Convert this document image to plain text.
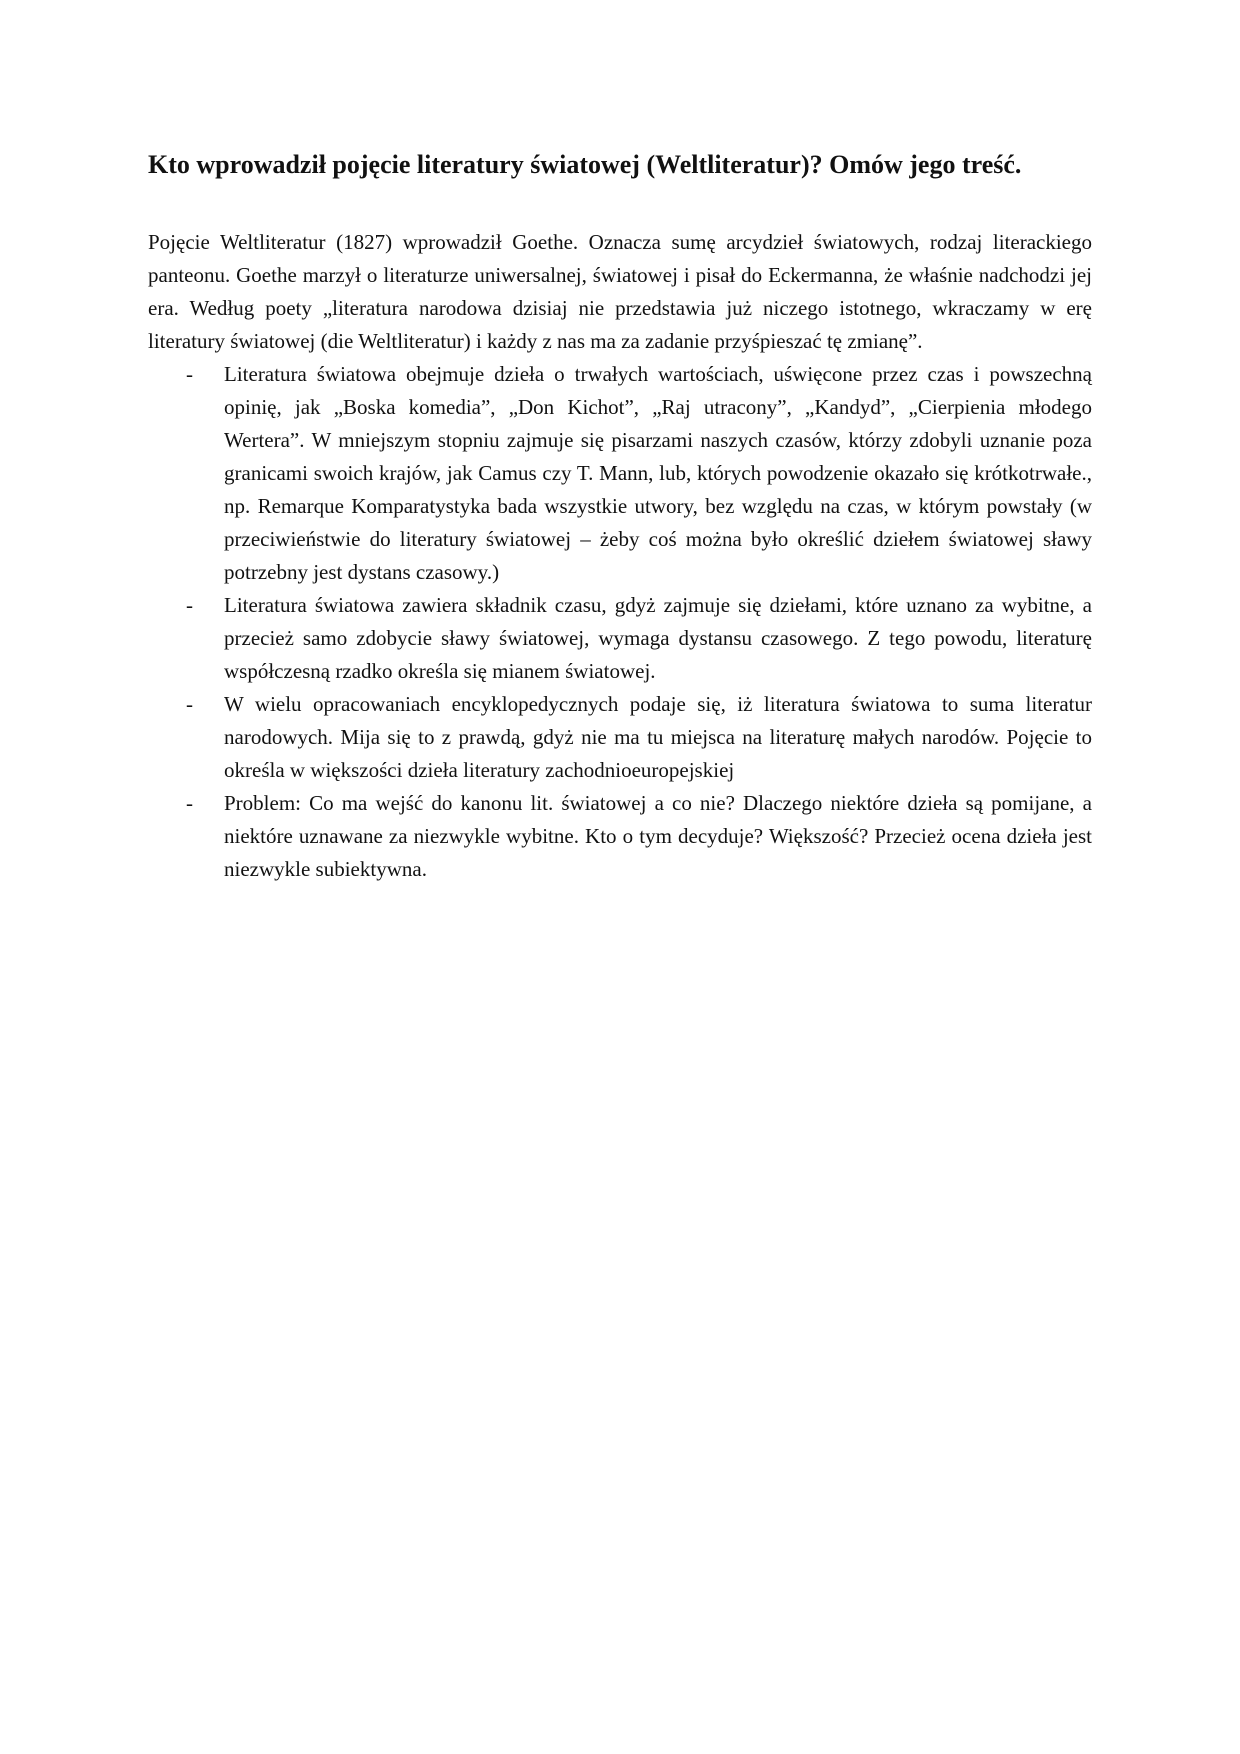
Kto wprowadził pojęcie literatury światowej (Weltliteratur)? Omów jego treść.

Pojęcie Weltliteratur (1827) wprowadził Goethe. Oznacza sumę arcydzieł światowych, rodzaj literackiego panteonu. Goethe marzył o literaturze uniwersalnej, światowej i pisał do Eckermanna, że właśnie nadchodzi jej era. Według poety „literatura narodowa dzisiaj nie przedstawia już niczego istotnego, wkraczamy w erę literatury światowej (die Weltliteratur) i każdy z nas ma za zadanie przyśpieszać tę zmianę”.

- Literatura światowa obejmuje dzieła o trwałych wartościach, uświęcone przez czas i powszechną opinię, jak „Boska komedia”, „Don Kichot”, „Raj utracony”, „Kandyd”, „Cierpienia młodego Wertera”. W mniejszym stopniu zajmuje się pisarzami naszych czasów, którzy zdobyli uznanie poza granicami swoich krajów, jak Camus czy T. Mann, lub, których powodzenie okazało się krótkotrwałe., np. Remarque Komparatystyka bada wszystkie utwory, bez względu na czas, w którym powstały (w przeciwieństwie do literatury światowej – żeby coś można było określić dziełem światowej sławy potrzebny jest dystans czasowy.)
- Literatura światowa zawiera składnik czasu, gdyż zajmuje się dziełami, które uznano za wybitne, a przecież samo zdobycie sławy światowej, wymaga dystansu czasowego. Z tego powodu, literaturę współczesną rzadko określa się mianem światowej.
- W wielu opracowaniach encyklopedycznych podaje się, iż literatura światowa to suma literatur narodowych. Mija się to z prawdą, gdyż nie ma tu miejsca na literaturę małych narodów. Pojęcie to określa w większości dzieła literatury zachodnioeuropejskiej
- Problem: Co ma wejść do kanonu lit. światowej a co nie? Dlaczego niektóre dzieła są pomijane, a niektóre uznawane za niezwykle wybitne. Kto o tym decyduje? Większość? Przecież ocena dzieła jest niezwykle subiektywna.
